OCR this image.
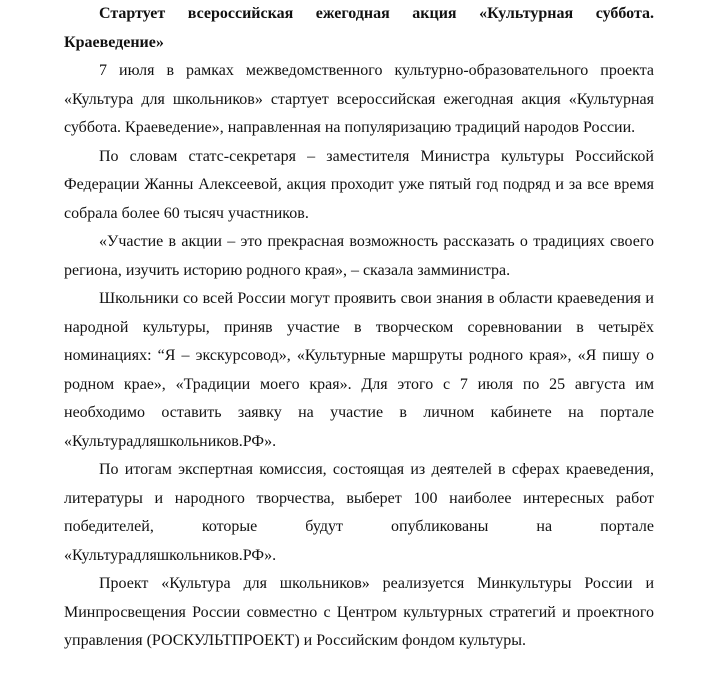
Стартует всероссийская ежегодная акция «Культурная суббота. Краеведение»

7 июля в рамках межведомственного культурно-образовательного проекта «Культура для школьников» стартует всероссийская ежегодная акция «Культурная суббота. Краеведение», направленная на популяризацию традиций народов России.

По словам статс-секретаря – заместителя Министра культуры Российской Федерации Жанны Алексеевой, акция проходит уже пятый год подряд и за все время собрала более 60 тысяч участников.

«Участие в акции – это прекрасная возможность рассказать о традициях своего региона, изучить историю родного края», – сказала замминистра.

Школьники со всей России могут проявить свои знания в области краеведения и народной культуры, приняв участие в творческом соревновании в четырёх номинациях: “Я – экскурсовод», «Культурные маршруты родного края», «Я пишу о родном крае», «Традиции моего края». Для этого с 7 июля по 25 августа им необходимо оставить заявку на участие в личном кабинете на портале «Культурадляшкольников.РФ».

По итогам экспертная комиссия, состоящая из деятелей в сферах краеведения, литературы и народного творчества, выберет 100 наиболее интересных работ победителей, которые будут опубликованы на портале

«Культурадляшкольников.РФ».

Проект «Культура для школьников» реализуется Минкультуры России и Минпросвещения России совместно с Центром культурных стратегий и проектного управления (РОСКУЛЬТПРОЕКТ) и Российским фондом культуры.
